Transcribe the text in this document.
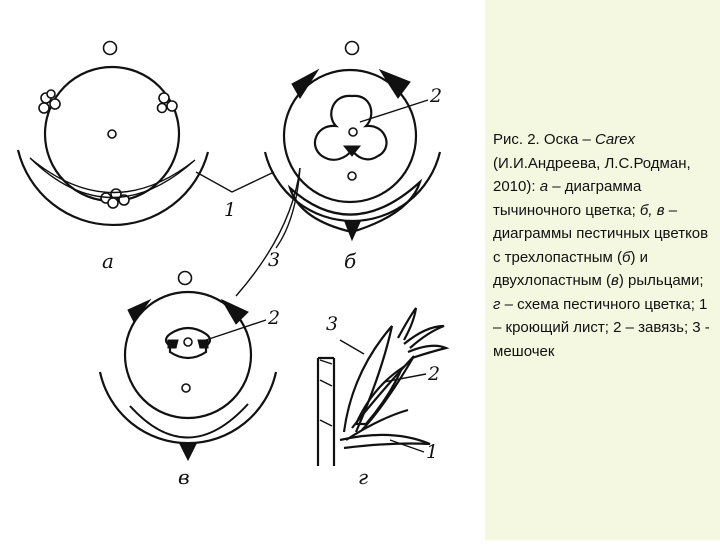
а	б
1
2
3
в
2
г
3
2
1
Рис. 2. Оска – Carex (И.И.Андреева, Л.С.Родман, 2010): а – диаграмма тычиночного цветка; б, в – диаграммы пестичных цветков с трехлопастным (б) и двухлопастным (в) рыльцами; г – схема пестичного цветка; 1 – кроющий лист; 2 – завязь; 3 - мешочек
